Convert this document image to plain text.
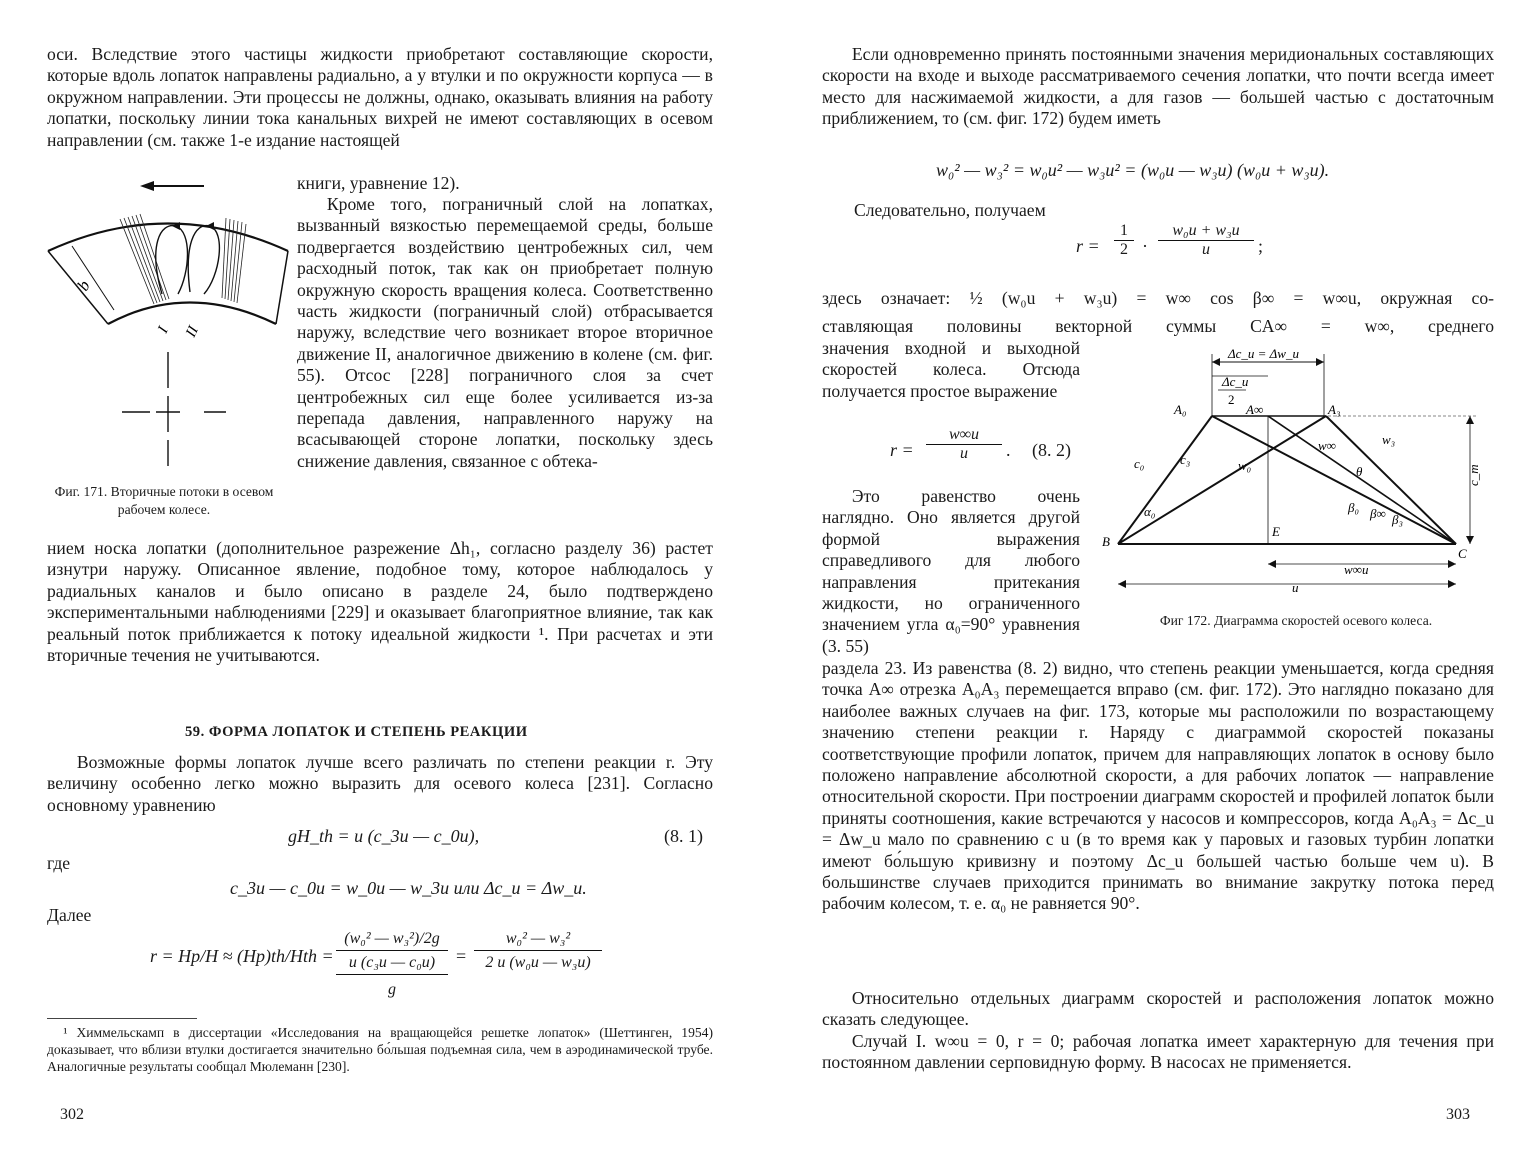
оси. Вследствие этого частицы жидкости приобретают составляющие скорости, которые вдоль лопаток направлены радиально, а у втулки и по окружности корпуса — в окружном направлении. Эти процессы не должны, однако, оказывать влияния на работу лопатки, поскольку линии тока канальных вихрей не имеют составляющих в осевом направлении (см. также 1-е издание настоящей
книги, уравнение 12).
b
I II
Фиг. 171. Вторичные потоки в осевом рабочем колесе.
Кроме того, пограничный слой на лопатках, вызванный вязкостью перемещаемой среды, больше подвергается воздействию центробежных сил, чем расходный поток, так как он приобретает полную окружную скорость вращения колеса. Соответственно часть жидкости (пограничный слой) отбрасывается наружу, вследствие чего возникает второе вторичное движение II, аналогичное движению в колене (см. фиг. 55). Отсос [228] пограничного слоя за счет центробежных сил еще более усиливается из-за перепада давления, направленного наружу на всасывающей стороне лопатки, поскольку здесь снижение давления, связанное с обтека-
нием носка лопатки (дополнительное разрежение Δh₁, согласно разделу 36) растет изнутри наружу. Описанное явление, подобное тому, которое наблюдалось у радиальных каналов и было описано в разделе 24, было подтверждено экспериментальными наблюдениями [229] и оказывает благоприятное влияние, так как реальный поток приближается к потоку идеальной жидкости ¹. При расчетах и эти вторичные течения не учитываются.
59. ФОРМА ЛОПАТОК И СТЕПЕНЬ РЕАКЦИИ
Возможные формы лопаток лучше всего различать по степени реакции r. Эту величину особенно легко можно выразить для осевого колеса [231]. Согласно основному уравнению
gH_th = u (c_3u — c_0u),	(8. 1)
где
c_3u — c_0u = w_0u — w_3u или Δc_u = Δw_u.
Далее
r = Hp/H ≈ (Hp)th/Hth =
(w₀² — w₃²)/2g
u (c₃u — c₀u)
g
= $\frac{\text{w₀² — w₃²}}{\text{2 u (w₀u — w₃u)}}$
¹ Химмельскамп в диссертации «Исследования на вращающейся решетке лопаток» (Шеттинген, 1954) доказывает, что вблизи втулки достигается значительно бо́льшая подъемная сила, чем в аэродинамической трубе. Аналогичные результаты сообщал Мюлеманн [230].
302
Если одновременно принять постоянными значения меридиональных составляющих скорости на входе и выходе рассматриваемого сечения лопатки, что почти всегда имеет место для насжимаемой жидкости, а для газов — большей частью с достаточным приближением, то (см. фиг. 172) будем иметь
w₀² — w₃² = w₀u² — w₃u² = (w₀u — w₃u) (w₀u + w₃u).
Следовательно, получаем
$r = \frac{1}{2} \cdot \frac{\text{w₀u + w₃u}}{u}$ ;
здесь означает: ½ (w₀u + w₃u) = w∞ cos β∞ = w∞u, окружная со-
ставляющая половины векторной суммы CA∞ = w∞, среднего
значения входной и выходной скоростей колеса. Отсюда получается простое выражение
$r = \frac{w\infty u}{u}$ . (8. 2)
Это равенство очень наглядно. Оно является другой формой выражения справедливого для любого направления притекания жидкости, но ограниченного значением угла α₀=90° уравнения (3. 55)
раздела 23. Из равенства (8. 2) видно, что степень реакции уменьшается, когда средняя точка A∞ отрезка A₀A₃ перемещается вправо (см. фиг. 172). Это наглядно показано для наиболее важных случаев на фиг. 173, которые мы расположили по возрастающему значению степени реакции r. Наряду с диаграммой скоростей показаны соответствующие профили лопаток, причем для направляющих лопаток в основу было положено направление абсолютной скорости, а для рабочих лопаток — направление относительной скорости. При построении диаграмм скоростей и профилей лопаток были приняты соотношения, какие встречаются у насосов и компрессоров, когда A₀A₃ = Δc_u = Δw_u мало по сравнению с u (в то время как у паровых и газовых турбин лопатки имеют бо́льшую кривизну и поэтому Δc_u большей частью больше чем u). В большинстве случаев приходится принимать во внимание закрутку потока перед рабочим колесом, т. е. α₀ не равняется 90°.
Относительно отдельных диаграмм скоростей и расположения лопаток можно сказать следующее.
Случай I. w∞u = 0, r = 0; рабочая лопатка имеет характерную для течения при постоянном давлении серповидную форму. В насосах не применяется.
Δc_u = Δw_u
Δc_u
2
A₀	A∞	A₃
c_m
c₀	c₃	w₀
w∞	w₃
θ
α₀	β₀ β∞ β₃
B
E
C
w∞u
u
Фиг 172. Диаграмма скоростей осевого колеса.
303
